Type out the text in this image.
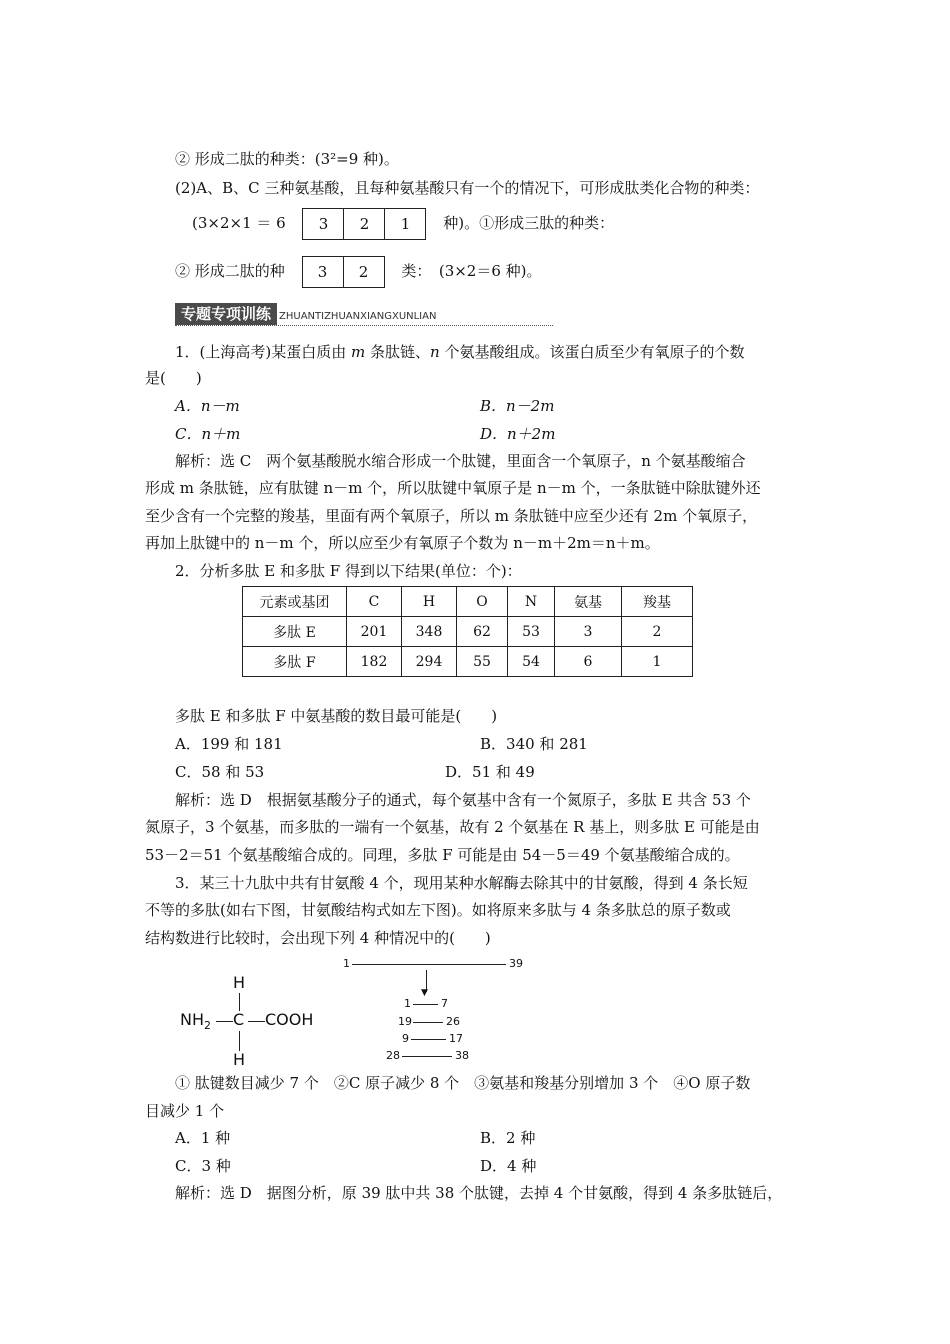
② 形成二肽的种类：(3²=9 种)。
(2)A、B、C 三种氨基酸，且每种氨基酸只有一个的情况下，可形成肽类化合物的种类：
(3×2×1 ＝ 6	3	2	1	种)。①形成三肽的种类：
② 形成二肽的种	3	2	类：　(3×2＝6 种)。
专题专项训练 ZHUANTIZHUANXIANGXUNLIAN
1．(上海高考)某蛋白质由 m 条肽链、n 个氨基酸组成。该蛋白质至少有氧原子的个数
是(　　)
A．n－m	B．n－2m
C．n＋m	D．n＋2m
解析：选 C　两个氨基酸脱水缩合形成一个肽键，里面含一个氧原子，n 个氨基酸缩合
形成 m 条肽链，应有肽键 n－m 个，所以肽键中氧原子是 n－m 个，一条肽链中除肽键外还
至少含有一个完整的羧基，里面有两个氧原子，所以 m 条肽链中应至少还有 2m 个氧原子，
再加上肽键中的 n－m 个，所以应至少有氧原子个数为 n－m＋2m＝n＋m。
2．分析多肽 E 和多肽 F 得到以下结果(单位：个)：
元素或基团	C	H	O	N	氨基	羧基
多肽 E	201	348	62	53	3	2
多肽 F	182	294	55	54	6	1
多肽 E 和多肽 F 中氨基酸的数目最可能是(　　)
A．199 和 181	B．340 和 281
C．58 和 53	D．51 和 49
解析：选 D　根据氨基酸分子的通式，每个氨基中含有一个氮原子，多肽 E 共含 53 个
氮原子，3 个氨基，而多肽的一端有一个氨基，故有 2 个氨基在 R 基上，则多肽 E 可能是由
53－2＝51 个氨基酸缩合成的。同理，多肽 F 可能是由 54－5＝49 个氨基酸缩合成的。
3．某三十九肽中共有甘氨酸 4 个，现用某种水解酶去除其中的甘氨酸，得到 4 条长短
不等的多肽(如右下图，甘氨酸结构式如左下图)。如将原来多肽与 4 条多肽总的原子数或
结构数进行比较时，会出现下列 4 种情况中的(　　)
H
$NH_2$ C COOH
H
1	39
▼
1	7
19	26
9	17
28	38
① 肽键数目减少 7 个　②C 原子减少 8 个　③氨基和羧基分别增加 3 个　④O 原子数
目减少 1 个
A．1 种	B．2 种
C．3 种	D．4 种
解析：选 D　据图分析，原 39 肽中共 38 个肽键，去掉 4 个甘氨酸，得到 4 条多肽链后，
